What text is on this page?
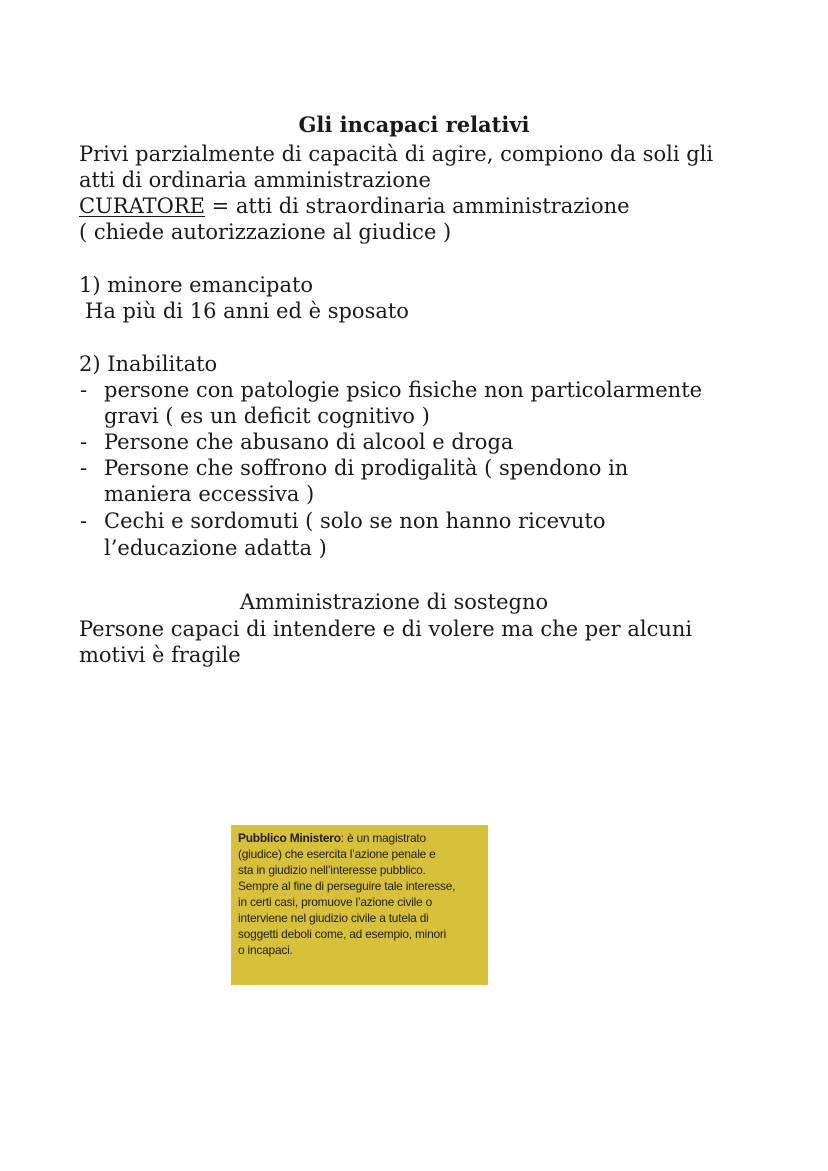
Gli incapaci relativi
Privi parzialmente di capacità di agire, compiono da soli gli
atti di ordinaria amministrazione
CURATORE = atti di straordinaria amministrazione
( chiede autorizzazione al giudice )
1) minore emancipato
Ha più di 16 anni ed è sposato
2) Inabilitato
- persone con patologie psico fisiche non particolarmente
gravi ( es un deficit cognitivo )
- Persone che abusano di alcool e droga
- Persone che soffrono di prodigalità ( spendono in
maniera eccessiva )
- Cechi e sordomuti ( solo se non hanno ricevuto
l’educazione adatta )
Amministrazione di sostegno
Persone capaci di intendere e di volere ma che per alcuni
motivi è fragile
Pubblico Ministero: è un magistrato
(giudice) che esercita l’azione penale e
sta in giudizio nell’interesse pubblico.
Sempre al fine di perseguire tale interesse,
in certi casi, promuove l’azione civile o
interviene nel giudizio civile a tutela di
soggetti deboli come, ad esempio, minori
o incapaci.
